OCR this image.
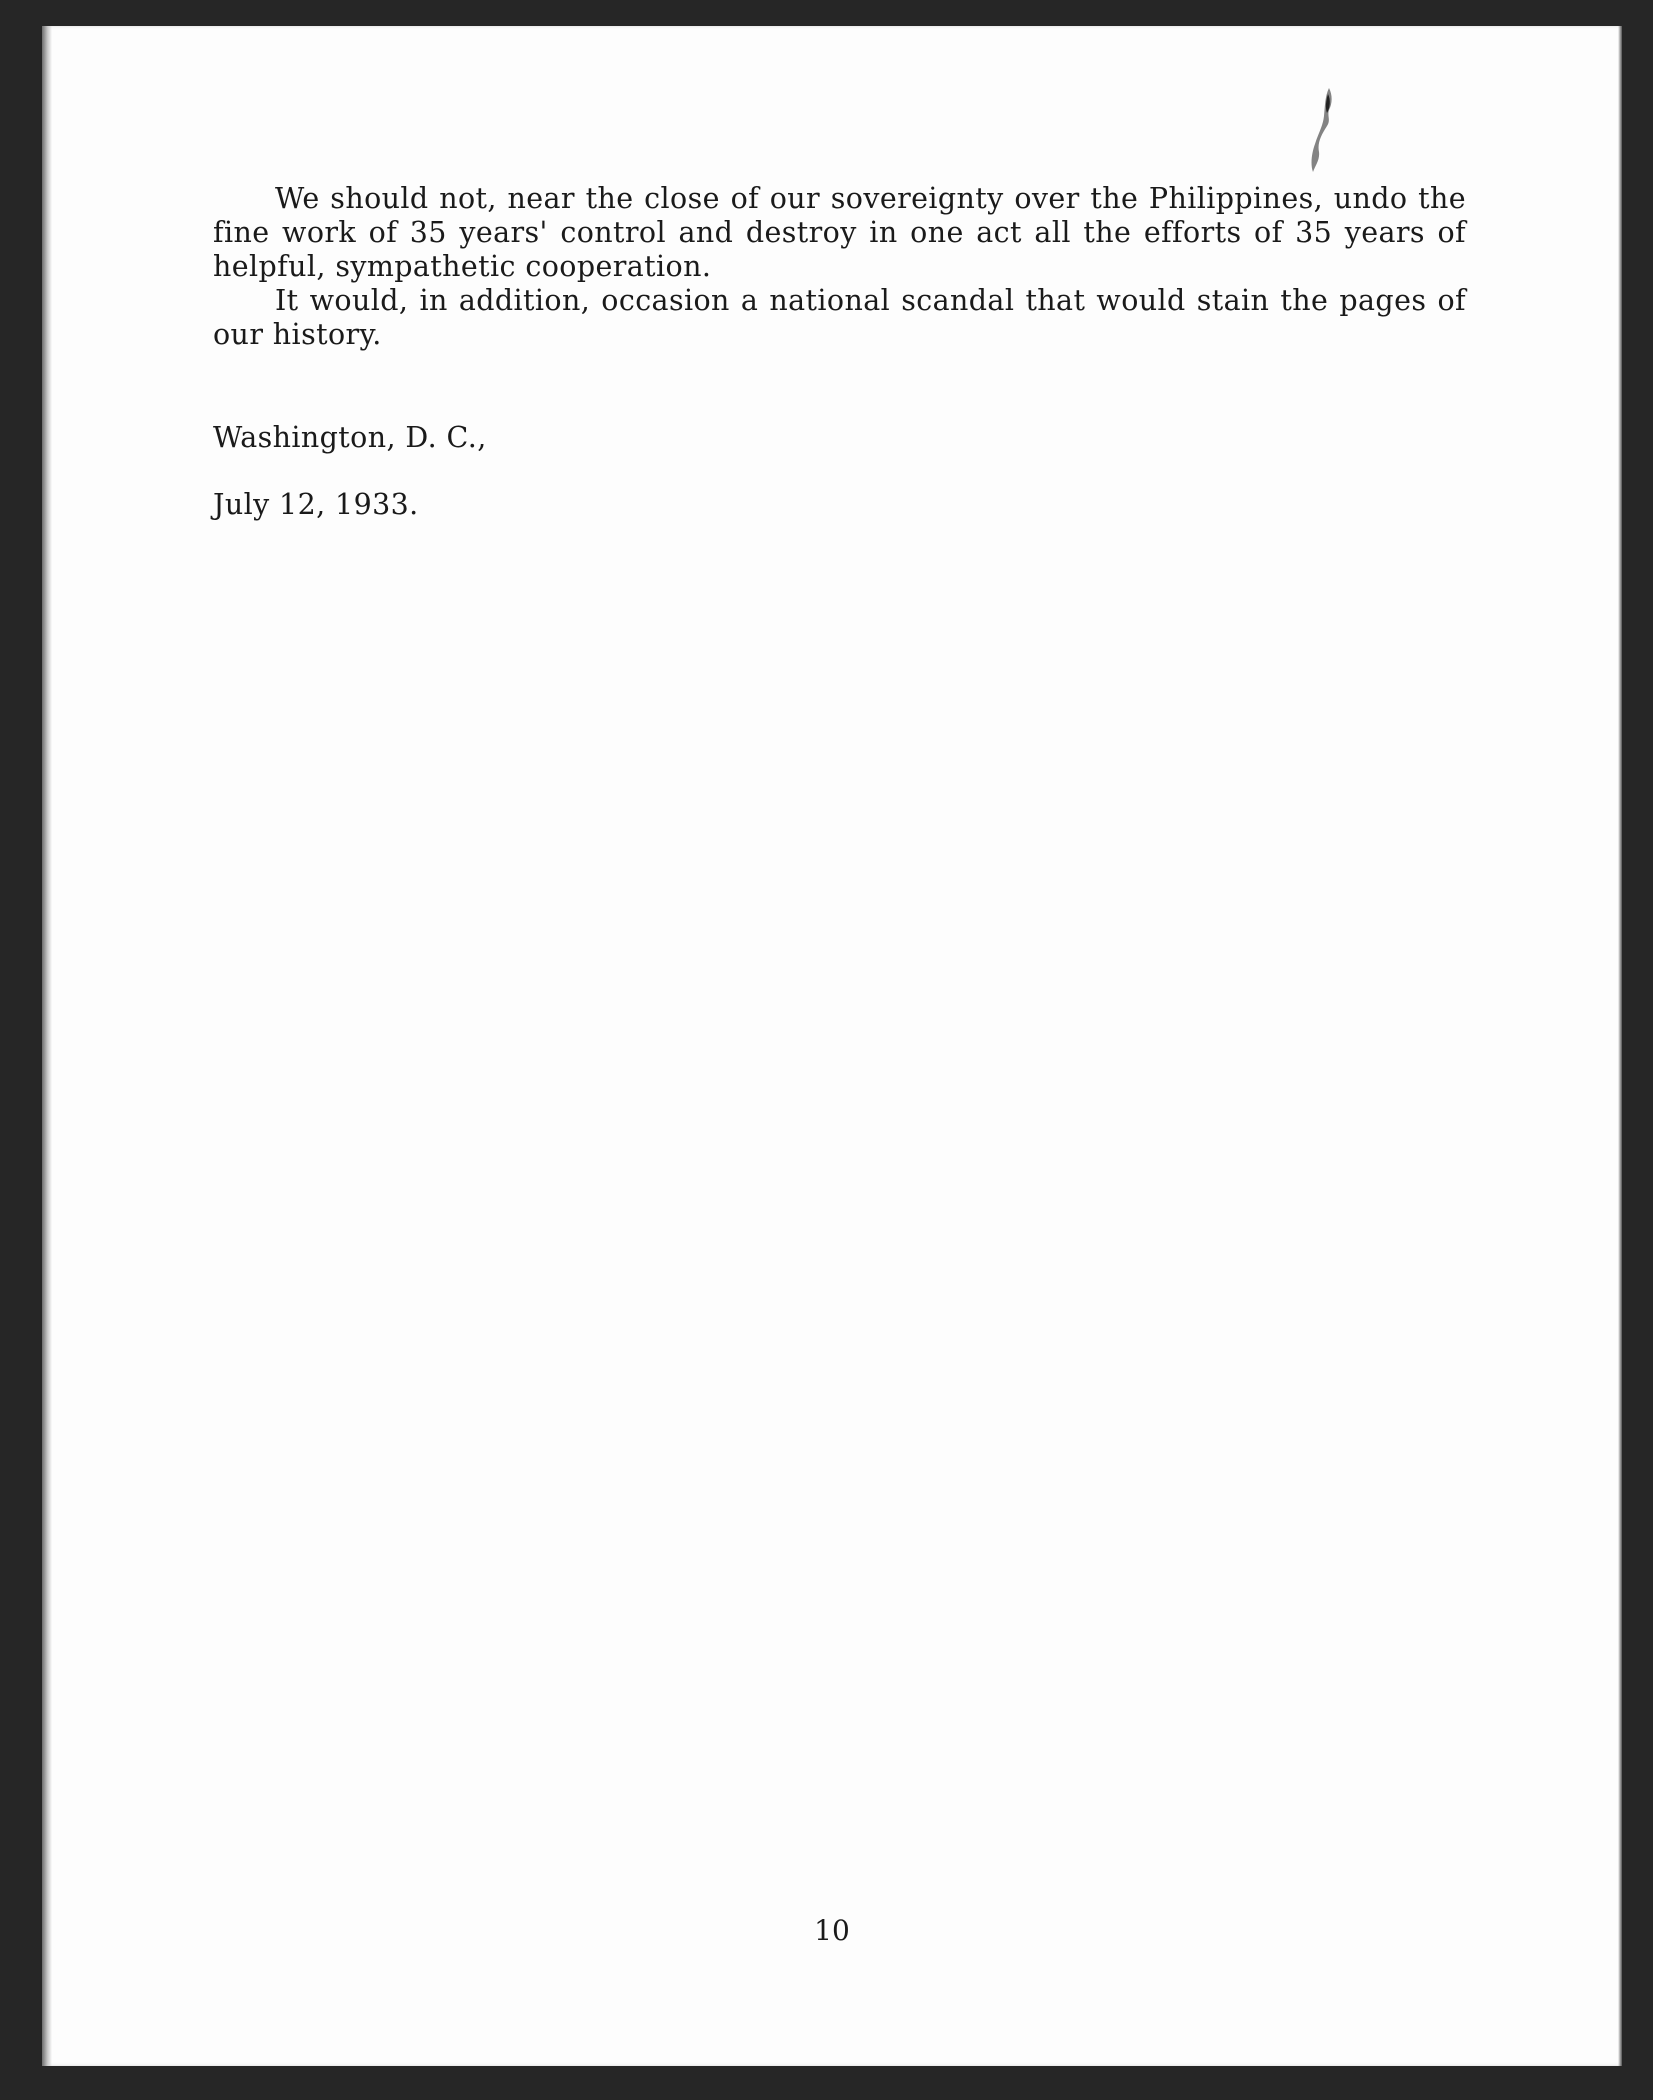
We should not, near the close of our sovereignty over the Philippines, undo the fine work of 35 years' control and destroy in one act all the efforts of 35 years of helpful, sympathetic cooperation.

It would, in addition, occasion a national scandal that would stain the pages of our history.

Washington, D. C.,

July 12, 1933.

10
